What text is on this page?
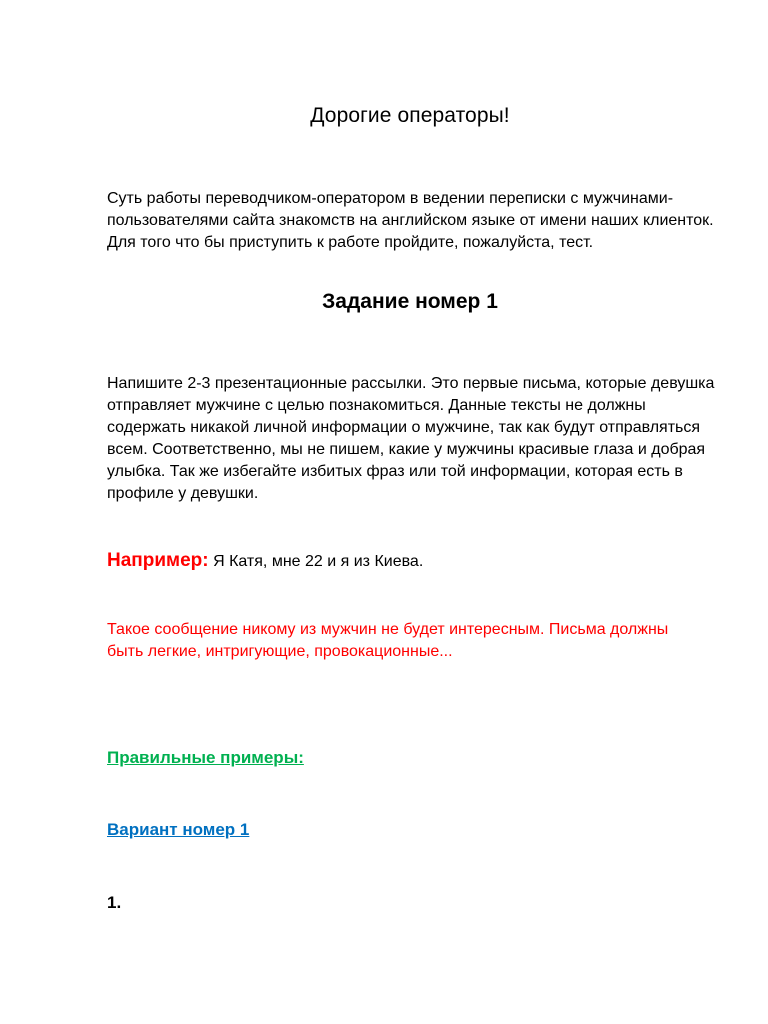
Дорогие операторы!
Суть работы переводчиком-оператором в ведении переписки с мужчинами-пользователями сайта знакомств на английском языке от имени наших клиенток. Для того что бы приступить к работе пройдите, пожалуйста, тест.
Задание номер 1
Напишите 2-3 презентационные рассылки. Это первые письма, которые девушка отправляет мужчине с целью познакомиться. Данные тексты не должны содержать никакой личной информации о мужчине, так как будут отправляться всем. Соответственно, мы не пишем, какие у мужчины красивые глаза и добрая улыбка. Так же избегайте избитых фраз или той информации, которая есть в профиле у девушки.
Например: Я Катя, мне 22 и я из Киева.
Такое сообщение никому из мужчин не будет интересным. Письма должны быть легкие, интригующие, провокационные...
Правильные примеры:
Вариант номер 1
1.
